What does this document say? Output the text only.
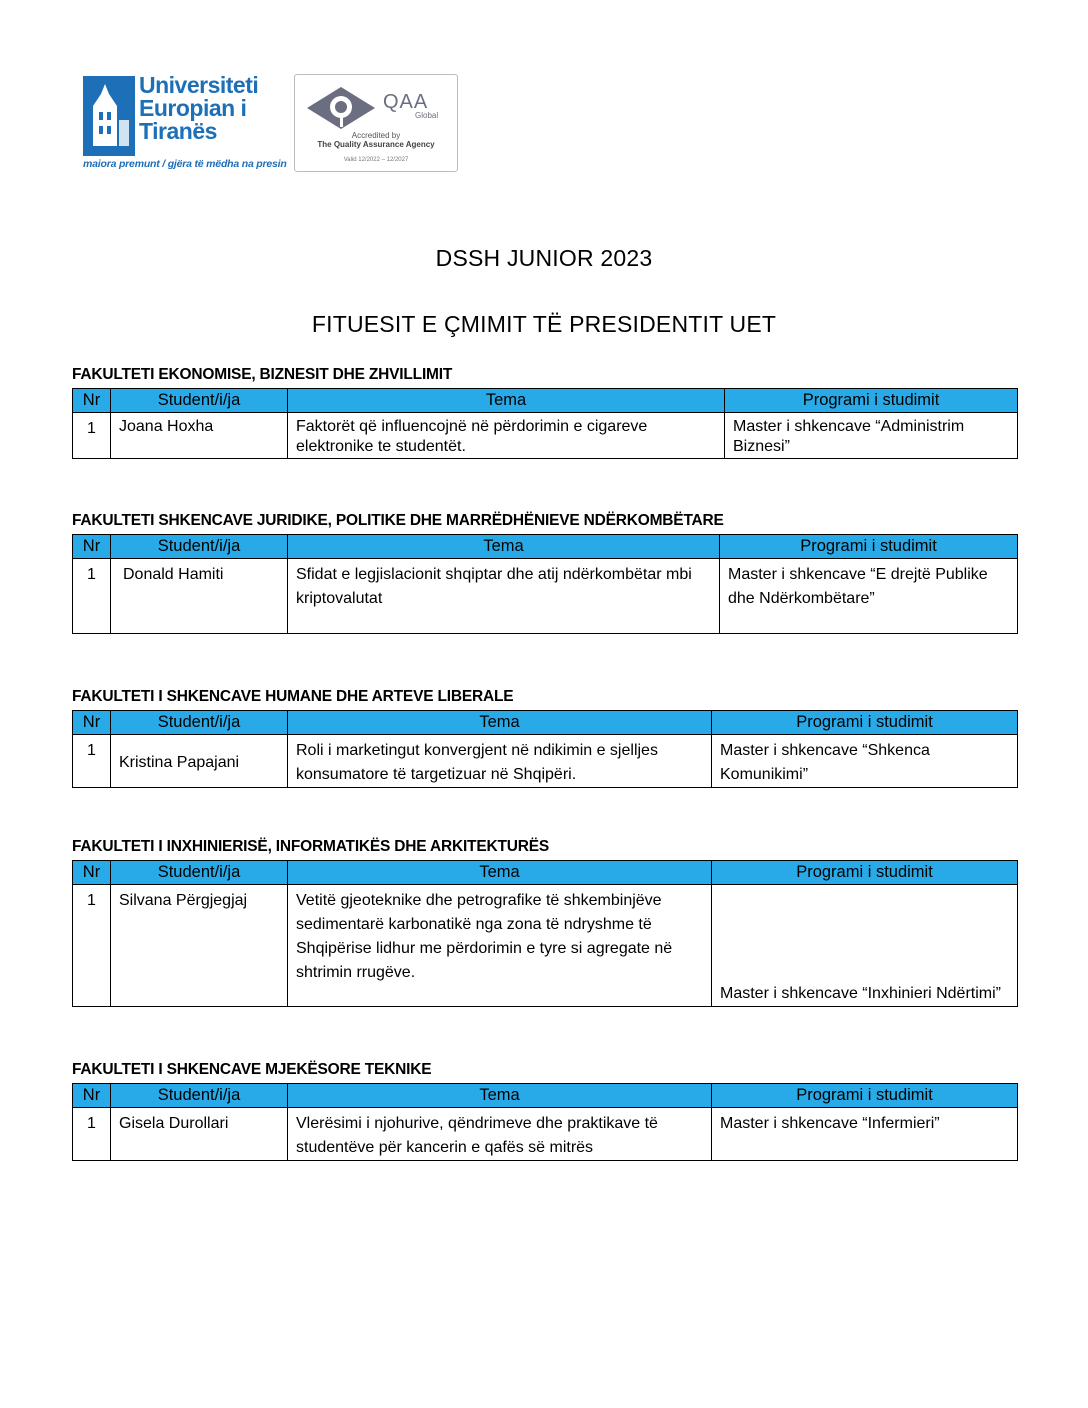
Universiteti
Europian i
Tiranës
maiora premunt / gjëra të mëdha na presin
QAA
Global
Accredited by
The Quality Assurance Agency
Valid 12/2022 – 12/2027
DSSH JUNIOR 2023
FITUESIT E ÇMIMIT TË PRESIDENTIT UET
FAKULTETI EKONOMISE, BIZNESIT DHE ZHVILLIMIT
Nr	Student/i/ja	Tema	Programi i studimit
1	Joana Hoxha	Faktorët që influencojnë në përdorimin e cigareve elektronike te studentët.	Master i shkencave “Administrim Biznesi”
FAKULTETI SHKENCAVE JURIDIKE, POLITIKE DHE MARRËDHËNIEVE NDËRKOMBËTARE
Nr	Student/i/ja	Tema	Programi i studimit
1	Donald Hamiti	Sfidat e legjislacionit shqiptar dhe atij ndërkombëtar mbi kriptovalutat	Master i shkencave “E drejtë Publike dhe Ndërkombëtare”
FAKULTETI I SHKENCAVE HUMANE DHE ARTEVE LIBERALE
Nr	Student/i/ja	Tema	Programi i studimit
1	Kristina Papajani	Roli i marketingut konvergjent në ndikimin e sjelljes konsumatore të targetizuar në Shqipëri.	Master i shkencave “Shkenca Komunikimi”
FAKULTETI I INXHINIERISË, INFORMATIKËS DHE ARKITEKTURËS
Nr	Student/i/ja	Tema	Programi i studimit
1	Silvana Përgjegjaj	Vetitë gjeoteknike dhe petrografike të shkembinjëve sedimentarë karbonatikë nga zona të ndryshme të Shqipërise lidhur me përdorimin e tyre si agregate në shtrimin rrugëve.	Master i shkencave “Inxhinieri Ndërtimi”
FAKULTETI I SHKENCAVE MJEKËSORE TEKNIKE
Nr	Student/i/ja	Tema	Programi i studimit
1	Gisela Durollari	Vlerësimi i njohurive, qëndrimeve dhe praktikave të studentëve për kancerin e qafës së mitrës	Master i shkencave “Infermieri”
